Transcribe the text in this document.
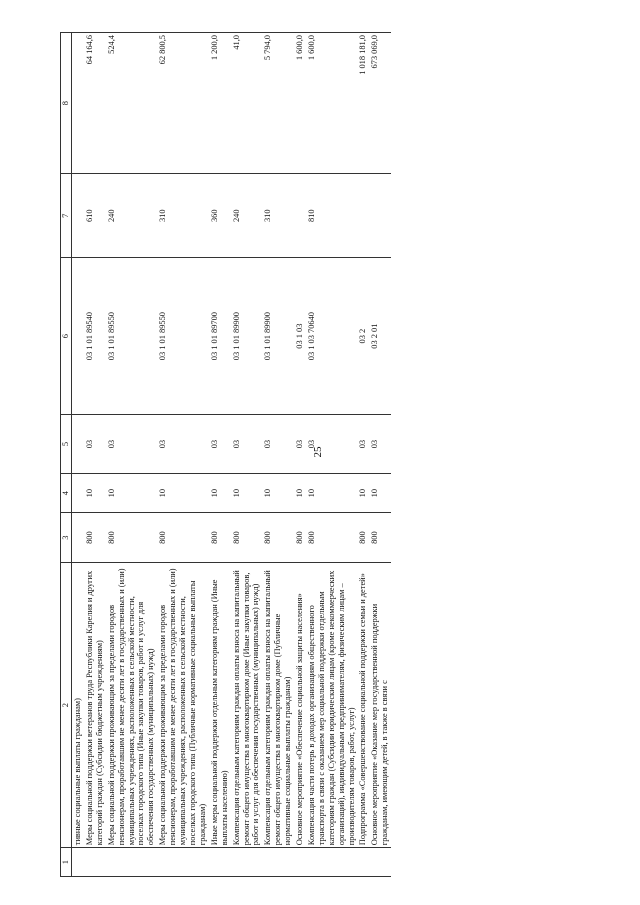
25
1	2	3	4	5	6	7	8
	тивные социальные выплаты гражданам)						
	Меры социальной поддержки ветеранов труда Республики Карелия и других категорий граждан (Субсидии бюджетным учреждениям)	800	10	03	03 1 01 89540	610	64 164,6
	Меры социальной поддержки проживающим за пределами городов пенсионерам, проработавшим не менее десяти лет в государственных и (или) муниципальных учреждениях, расположенных в сельской местности, поселках городского типа (Иные закупки товаров, работ и услуг для обеспечения государственных (муниципальных) нужд)	800	10	03	03 1 01 89550	240	524,4
	Меры социальной поддержки проживающим за пределами городов пенсионерам, проработавшим не менее десяти лет в государственных и (или) муниципальных учреждениях, расположенных в сельской местности, поселках городского типа (Публичные нормативные социальные выплаты гражданам)	800	10	03	03 1 01 89550	310	62 800,5
	Иные меры социальной поддержки отдельным категориям граждан (Иные выплаты населению)	800	10	03	03 1 01 89700	360	1 200,0
	Компенсация отдельным категориям граждан оплаты взноса на капитальный ремонт общего имущества в многоквартирном доме (Иные закупки товаров, работ и услуг для обеспечения государственных (муниципальных) нужд)	800	10	03	03 1 01 89900	240	41,0
	Компенсация отдельным категориям граждан оплаты взноса на капитальный ремонт общего имущества в многоквартирном доме (Публичные нормативные социальные выплаты гражданам)	800	10	03	03 1 01 89900	310	5 794,0
	Основное мероприятие «Обеспечение социальной защиты населения»	800	10	03	03 1 03		1 600,0
	Компенсация части потерь в доходах организациям общественного транспорта в связи с оказанием мер социальной поддержки отдельным категориям граждан (Субсидии юридическим лицам (кроме некоммерческих организаций), индивидуальным предпринимателям, физическим лицам – производителям товаров, работ, услуг)	800	10	03	03 1 03 70640	810	1 600,0
	Подпрограмма «Совершенствование социальной поддержки семьи и детей»	800	10	03	03 2		1 018 181,0
	Основное мероприятие «Оказание мер государственной поддержки гражданам, имеющим детей, в также в связи с	800	10	03	03 2 01		673 069,0
